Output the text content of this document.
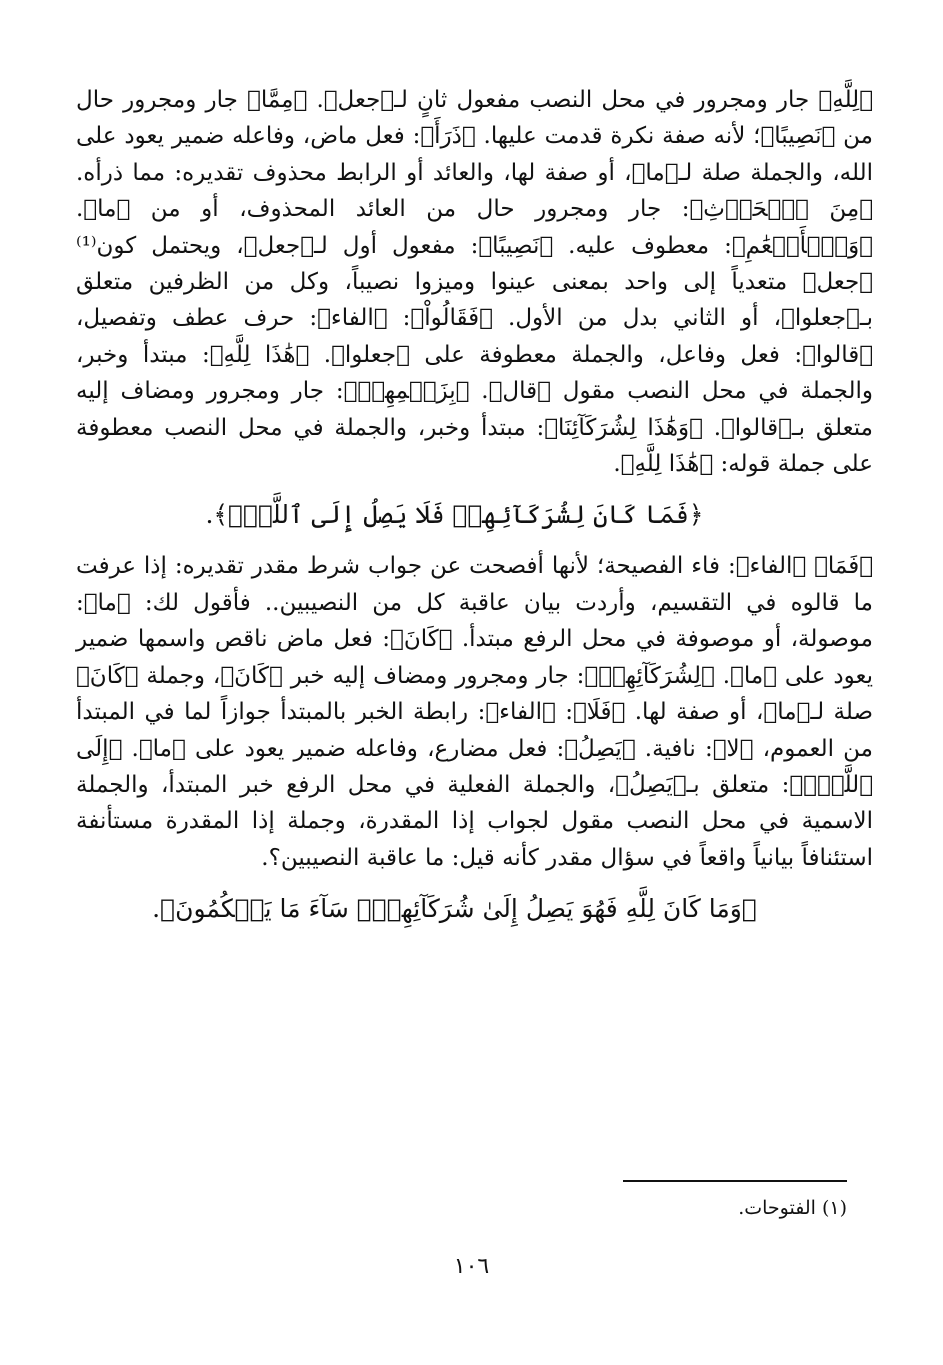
﴿لِلَّهِ﴾ جار ومجرور في محل النصب مفعول ثانٍ لـ﴿جعل﴾. ﴿مِمَّا﴾ جار ومجرور حال من ﴿نَصِيبًا﴾؛ لأنه صفة نكرة قدمت عليها. ﴿ذَرَأَ﴾: فعل ماض، وفاعله ضمير يعود على الله، والجملة صلة لـ﴿ما﴾، أو صفة لها، والعائد أو الرابط محذوف تقديره: مما ذرأه. ﴿مِنَ ٱلۡحَرۡثِ﴾: جار ومجرور حال من العائد المحذوف، أو من ﴿ما﴾. ﴿وَٱلۡأَنۡعَٰمِ﴾: معطوف عليه. ﴿نَصِيبًا﴾: مفعول أول لـ﴿جعل﴾، ويحتمل كون⁽¹⁾ ﴿جعل﴾ متعدياً إلى واحد بمعنى عينوا وميزوا نصيباً، وكل من الظرفين متعلق بـ﴿جعلوا﴾، أو الثاني بدل من الأول. ﴿فَقَالُواْ﴾: ﴿الفاء﴾: حرف عطف وتفصيل، ﴿قالوا﴾: فعل وفاعل، والجملة معطوفة على ﴿جعلوا﴾. ﴿هَٰذَا لِلَّهِ﴾: مبتدأ وخبر، والجملة في محل النصب مقول ﴿قال﴾. ﴿بِزَعۡمِهِمۡ﴾: جار ومجرور ومضاف إليه متعلق بـ﴿قالوا﴾. ﴿وَهَٰذَا لِشُرَكَآئِنَا﴾: مبتدأ وخبر، والجملة في محل النصب معطوفة على جملة قوله: ﴿هَٰذَا لِلَّهِ﴾.

﴿فَمَا كَانَ لِشُرَكَآئِهِمۡ فَلَا يَصِلُ إِلَى ٱللَّهِۖ﴾.

﴿فَمَا﴾ ﴿الفاء﴾: فاء الفصيحة؛ لأنها أفصحت عن جواب شرط مقدر تقديره: إذا عرفت ما قالوه في التقسيم، وأردت بيان عاقبة كل من النصيبين.. فأقول لك: ﴿ما﴾: موصولة، أو موصوفة في محل الرفع مبتدأ. ﴿كَانَ﴾: فعل ماض ناقص واسمها ضمير يعود على ﴿ما﴾. ﴿لِشُرَكَآئِهِمۡ﴾: جار ومجرور ومضاف إليه خبر ﴿كَانَ﴾، وجملة ﴿كَانَ﴾ صلة لـ﴿ما﴾، أو صفة لها. ﴿فَلَا﴾: ﴿الفاء﴾: رابطة الخبر بالمبتدأ جوازاً لما في المبتدأ من العموم، ﴿لا﴾: نافية. ﴿يَصِلُ﴾: فعل مضارع، وفاعله ضمير يعود على ﴿ما﴾. ﴿إِلَى ٱللَّهِۖ﴾: متعلق بـ﴿يَصِلُ﴾، والجملة الفعلية في محل الرفع خبر المبتدأ، والجملة الاسمية في محل النصب مقول لجواب إذا المقدرة، وجملة إذا المقدرة مستأنفة استئنافاً بيانياً واقعاً في سؤال مقدر كأنه قيل: ما عاقبة النصيبين؟.

﴿وَمَا كَانَ لِلَّهِ فَهُوَ يَصِلُ إِلَىٰ شُرَكَآئِهِمۡۗ سَآءَ مَا يَحۡكُمُونَ﴾.

(١) الفتوحات.
١٠٦
